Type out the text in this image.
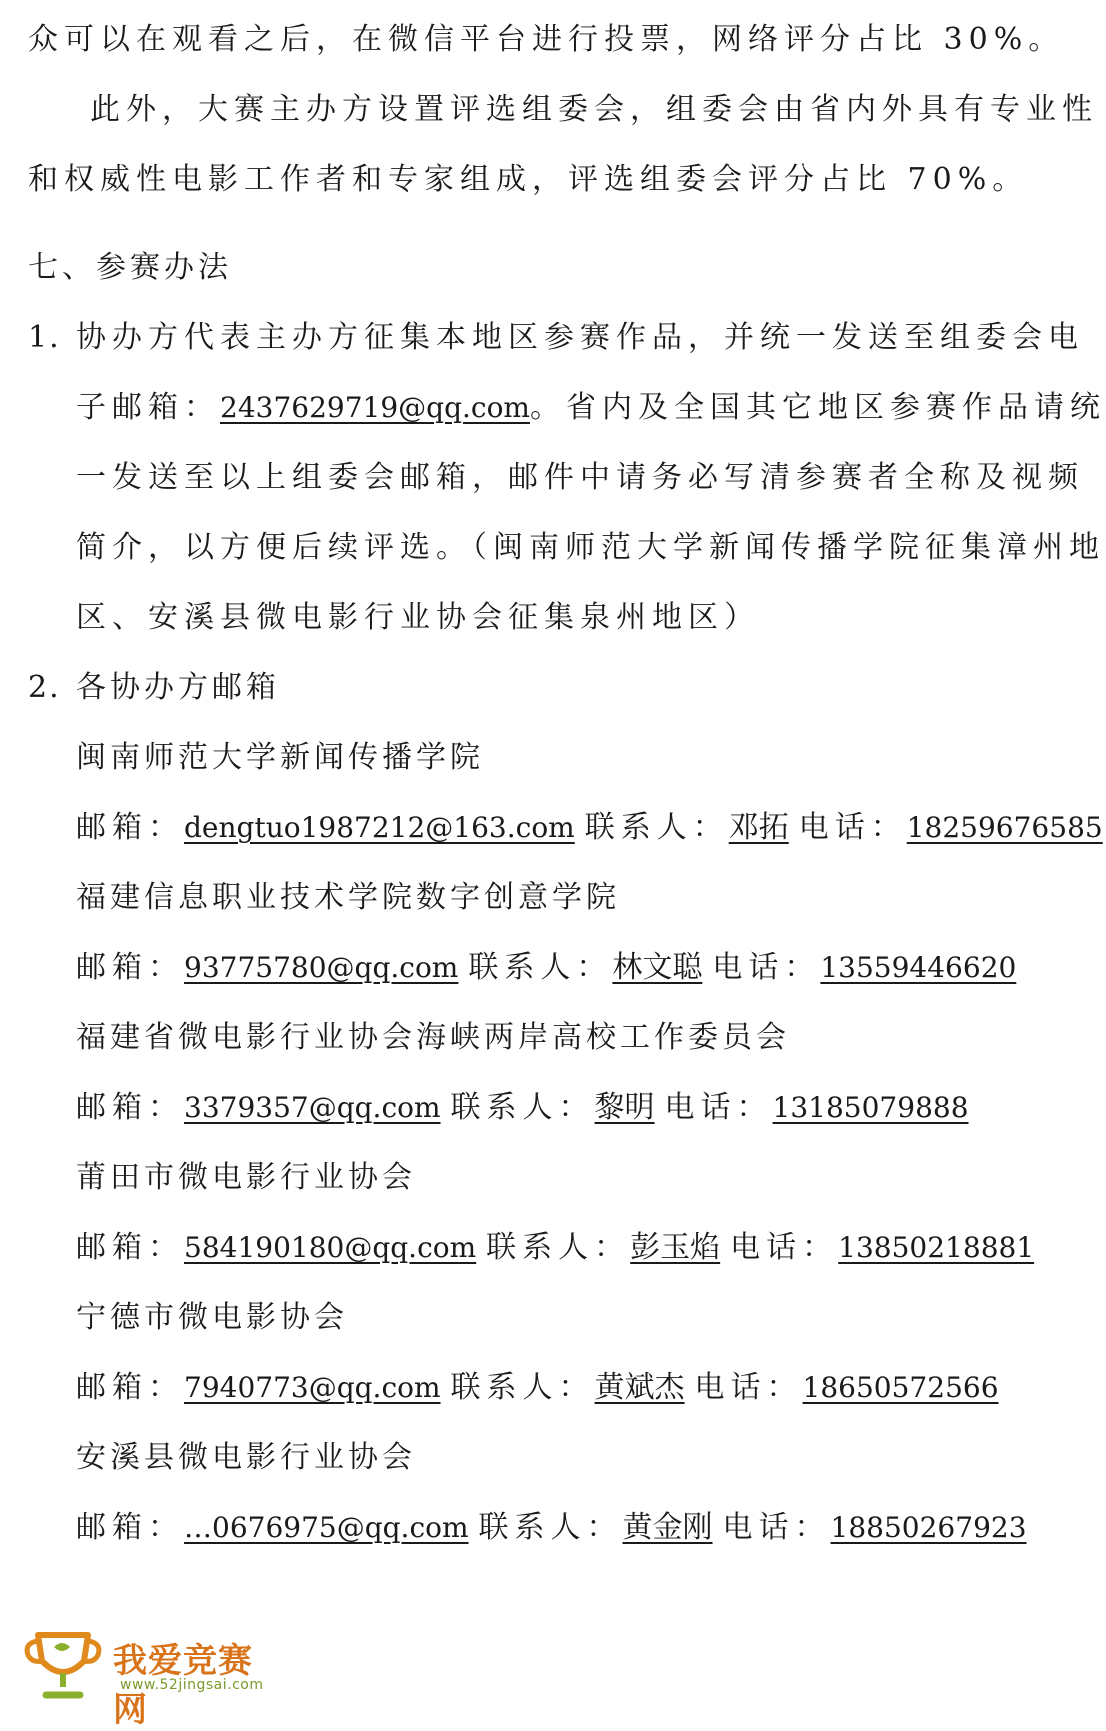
众可以在观看之后，在微信平台进行投票，网络评分占比 30%。
此外，大赛主办方设置评选组委会，组委会由省内外具有专业性
和权威性电影工作者和专家组成，评选组委会评分占比 70%。
七、参赛办法
1. 协办方代表主办方征集本地区参赛作品，并统一发送至组委会电
子邮箱：2437629719@qq.com。省内及全国其它地区参赛作品请统
一发送至以上组委会邮箱，邮件中请务必写清参赛者全称及视频
简介，以方便后续评选。（闽南师范大学新闻传播学院征集漳州地
区、安溪县微电影行业协会征集泉州地区）
2. 各协办方邮箱
闽南师范大学新闻传播学院
邮箱：dengtuo1987212@163.com 联系人：邓拓 电话：18259676585
福建信息职业技术学院数字创意学院
邮箱：93775780@qq.com 联系人：林文聪 电话：13559446620
福建省微电影行业协会海峡两岸高校工作委员会
邮箱：3379357@qq.com 联系人：黎明 电话：13185079888
莆田市微电影行业协会
邮箱：584190180@qq.com 联系人：彭玉焰 电话：13850218881
宁德市微电影协会
邮箱：7940773@qq.com 联系人：黄斌杰 电话：18650572566
安溪县微电影行业协会
邮箱：…0676975@qq.com 联系人：黄金刚 电话：18850267923
我爱竞赛网
www.52jingsai.com
